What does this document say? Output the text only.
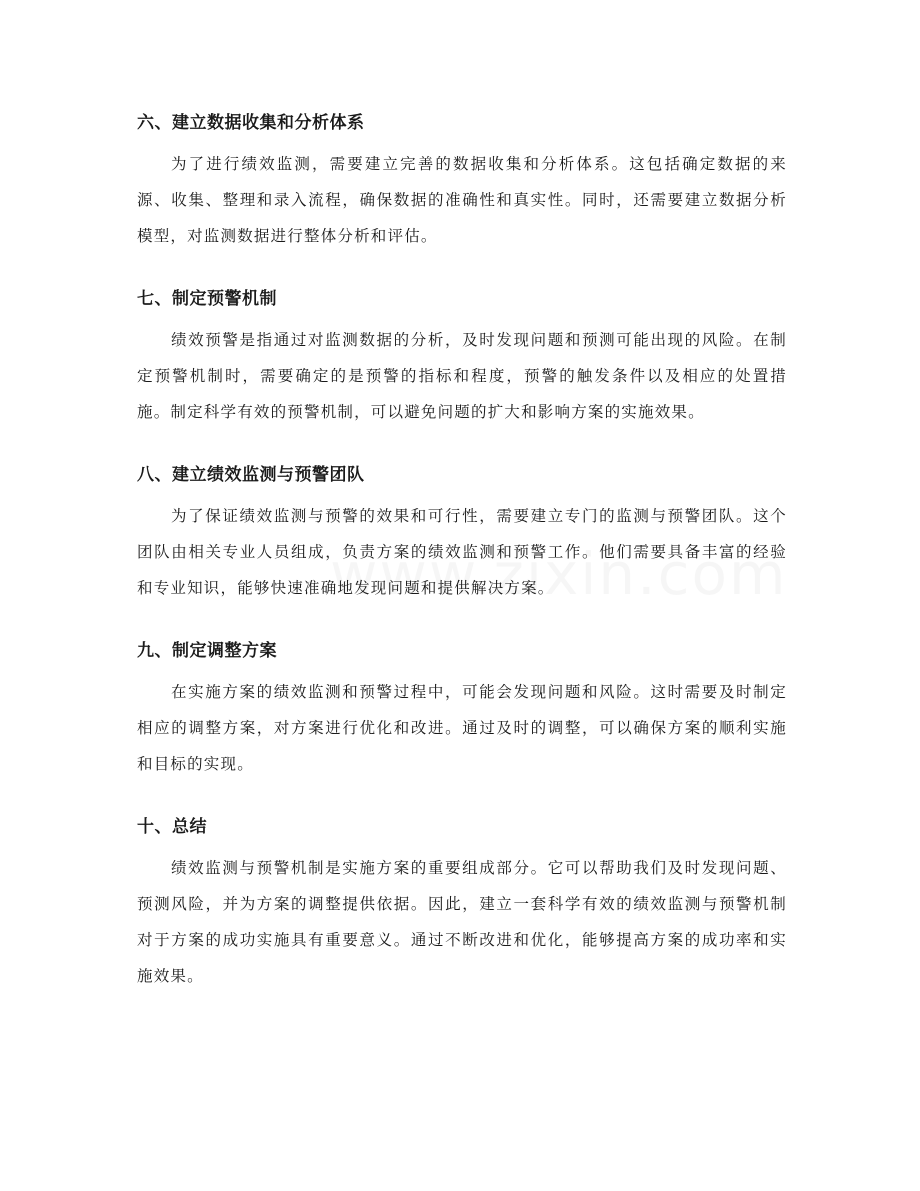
六、建立数据收集和分析体系

为了进行绩效监测，需要建立完善的数据收集和分析体系。这包括确定数据的来源、收集、整理和录入流程，确保数据的准确性和真实性。同时，还需要建立数据分析模型，对监测数据进行整体分析和评估。

七、制定预警机制

绩效预警是指通过对监测数据的分析，及时发现问题和预测可能出现的风险。在制定预警机制时，需要确定的是预警的指标和程度，预警的触发条件以及相应的处置措施。制定科学有效的预警机制，可以避免问题的扩大和影响方案的实施效果。

八、建立绩效监测与预警团队

为了保证绩效监测与预警的效果和可行性，需要建立专门的监测与预警团队。这个团队由相关专业人员组成，负责方案的绩效监测和预警工作。他们需要具备丰富的经验和专业知识，能够快速准确地发现问题和提供解决方案。

九、制定调整方案

在实施方案的绩效监测和预警过程中，可能会发现问题和风险。这时需要及时制定相应的调整方案，对方案进行优化和改进。通过及时的调整，可以确保方案的顺利实施和目标的实现。

十、总结

绩效监测与预警机制是实施方案的重要组成部分。它可以帮助我们及时发现问题、预测风险，并为方案的调整提供依据。因此，建立一套科学有效的绩效监测与预警机制对于方案的成功实施具有重要意义。通过不断改进和优化，能够提高方案的成功率和实施效果。
